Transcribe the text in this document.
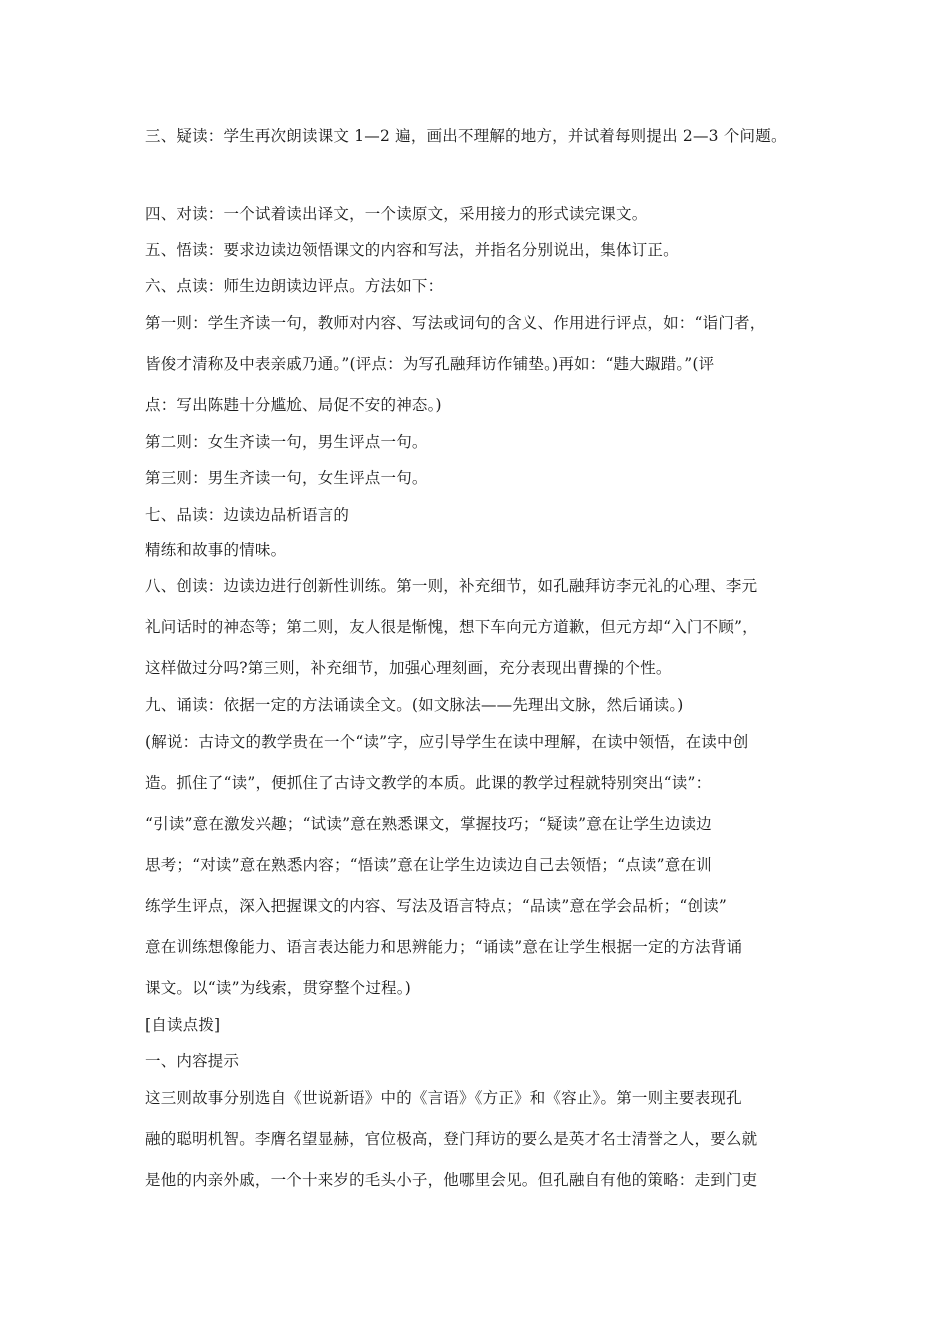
三、疑读：学生再次朗读课文 1—2 遍，画出不理解的地方，并试着每则提出 2—3 个问题。
四、对读：一个试着读出译文，一个读原文，采用接力的形式读完课文。
五、悟读：要求边读边领悟课文的内容和写法，并指名分别说出，集体订正。
六、点读：师生边朗读边评点。方法如下：
第一则：学生齐读一句，教师对内容、写法或词句的含义、作用进行评点，如：“诣门者，
皆俊才清称及中表亲戚乃通。”(评点：为写孔融拜访作铺垫。)再如：“韪大踧踖。”(评
点：写出陈韪十分尴尬、局促不安的神态。)
第二则：女生齐读一句，男生评点一句。
第三则：男生齐读一句，女生评点一句。
七、品读：边读边品析语言的
精练和故事的情味。
八、创读：边读边进行创新性训练。第一则，补充细节，如孔融拜访李元礼的心理、李元
礼问话时的神态等；第二则，友人很是惭愧，想下车向元方道歉，但元方却“入门不顾”，
这样做过分吗?第三则，补充细节，加强心理刻画，充分表现出曹操的个性。
九、诵读：依据一定的方法诵读全文。(如文脉法——先理出文脉，然后诵读。)
(解说：古诗文的教学贵在一个“读”字，应引导学生在读中理解，在读中领悟，在读中创
造。抓住了“读”，便抓住了古诗文教学的本质。此课的教学过程就特别突出“读”：
“引读”意在激发兴趣；“试读”意在熟悉课文，掌握技巧；“疑读”意在让学生边读边
思考；“对读”意在熟悉内容；“悟读”意在让学生边读边自己去领悟；“点读”意在训
练学生评点，深入把握课文的内容、写法及语言特点；“品读”意在学会品析；“创读”
意在训练想像能力、语言表达能力和思辨能力；“诵读”意在让学生根据一定的方法背诵
课文。以“读”为线索，贯穿整个过程。)
[自读点拨]
一、内容提示
这三则故事分别选自《世说新语》中的《言语》《方正》和《容止》。第一则主要表现孔
融的聪明机智。李膺名望显赫，官位极高，登门拜访的要么是英才名士清誉之人，要么就
是他的内亲外戚，一个十来岁的毛头小子，他哪里会见。但孔融自有他的策略：走到门吏
